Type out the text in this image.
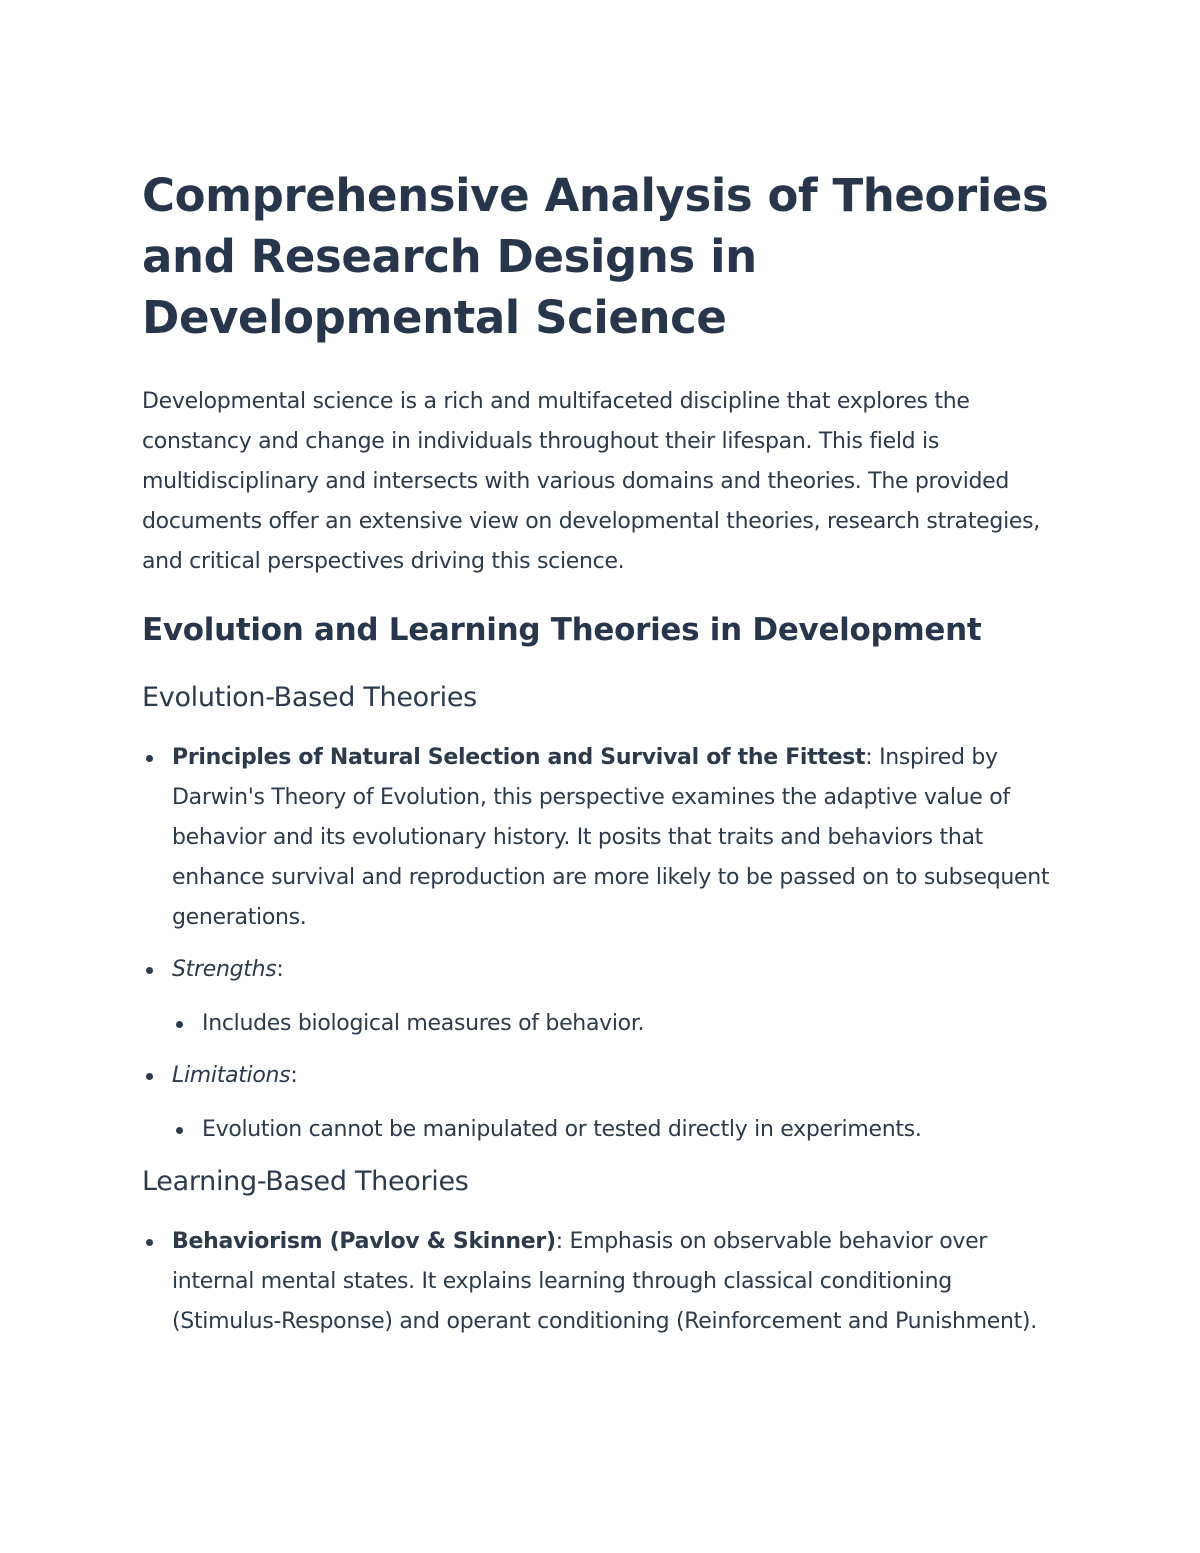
Comprehensive Analysis of Theories and Research Designs in Developmental Science

Developmental science is a rich and multifaceted discipline that explores the constancy and change in individuals throughout their lifespan. This field is multidisciplinary and intersects with various domains and theories. The provided documents offer an extensive view on developmental theories, research strategies, and critical perspectives driving this science.

Evolution and Learning Theories in Development
Evolution-Based Theories
Principles of Natural Selection and Survival of the Fittest: Inspired by Darwin's Theory of Evolution, this perspective examines the adaptive value of behavior and its evolutionary history. It posits that traits and behaviors that enhance survival and reproduction are more likely to be passed on to subsequent generations.
Strengths:
Includes biological measures of behavior.
Limitations:
Evolution cannot be manipulated or tested directly in experiments.
Learning-Based Theories
Behaviorism (Pavlov & Skinner): Emphasis on observable behavior over internal mental states. It explains learning through classical conditioning (Stimulus-Response) and operant conditioning (Reinforcement and Punishment).
